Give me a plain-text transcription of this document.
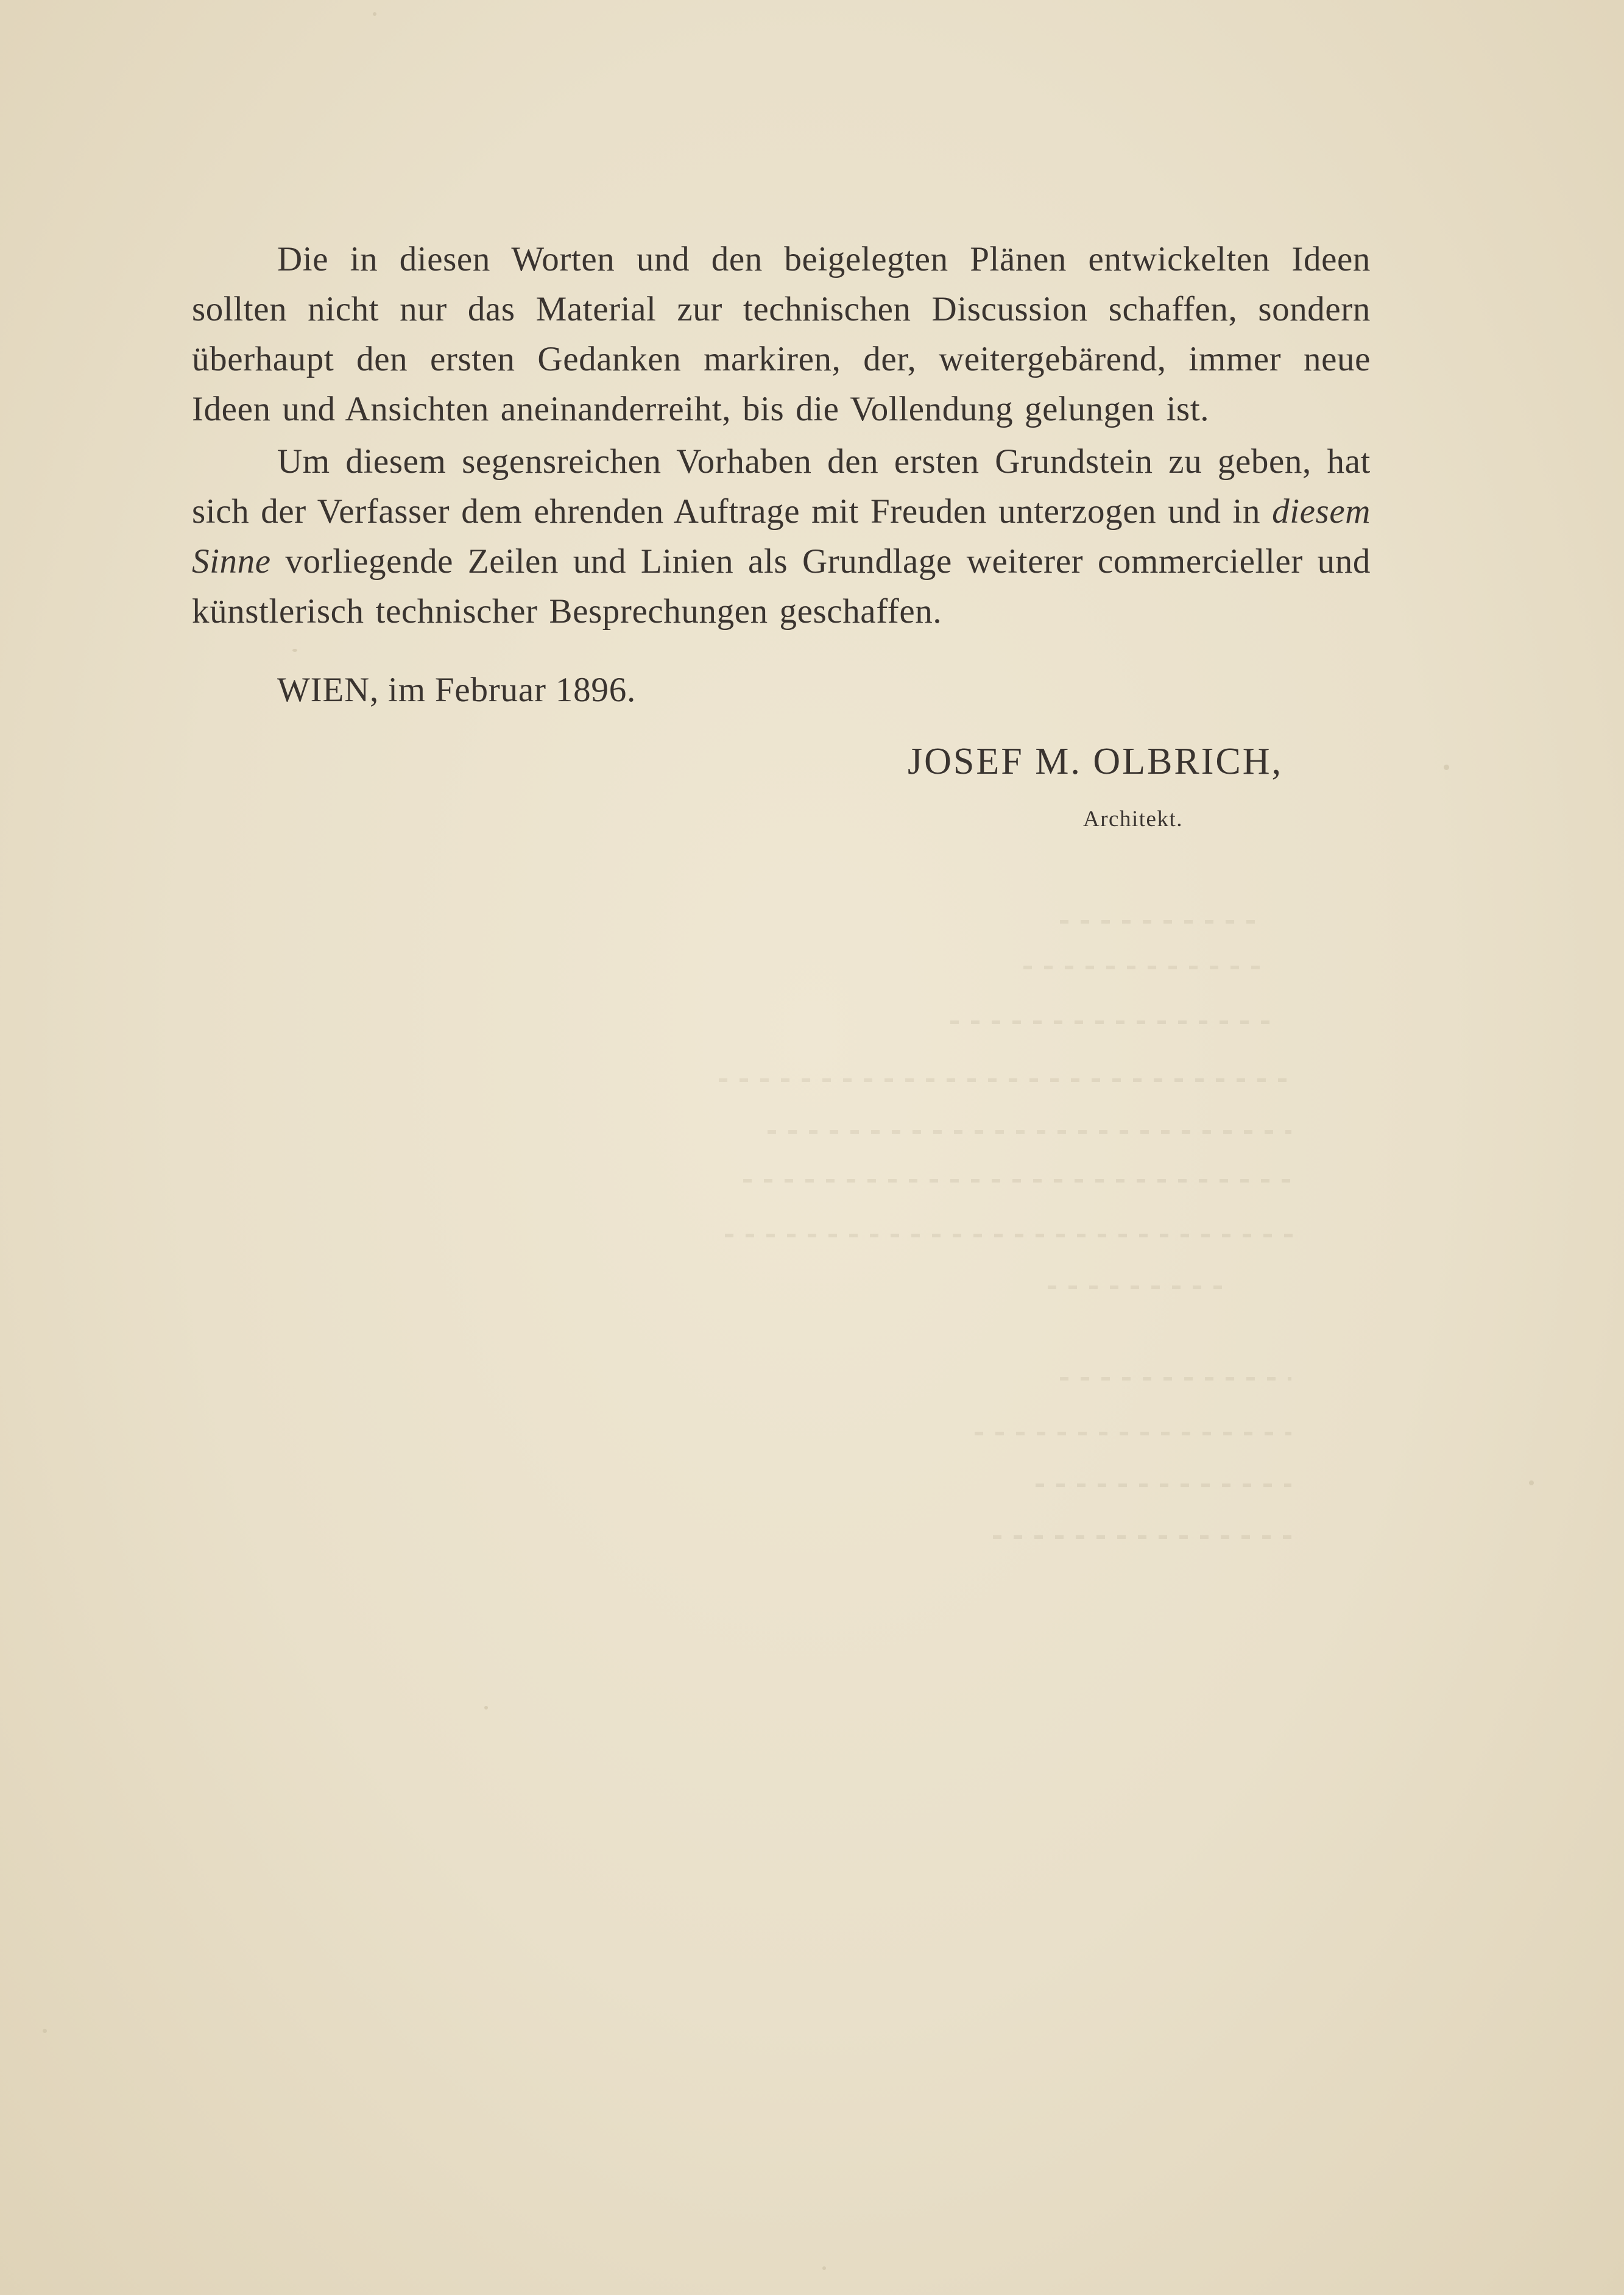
Die in diesen Worten und den beigelegten Plänen entwickelten Ideen sollten nicht nur das Material zur technischen Discussion schaffen, sondern überhaupt den ersten Gedanken markiren, der, weitergebärend, immer neue Ideen und Ansichten aneinanderreiht, bis die Vollendung gelungen ist.

Um diesem segensreichen Vorhaben den ersten Grundstein zu geben, hat sich der Verfasser dem ehrenden Auftrage mit Freuden unterzogen und in diesem Sinne vorliegende Zeilen und Linien als Grundlage weiterer commercieller und künstlerisch technischer Besprechungen geschaffen.

WIEN, im Februar 1896.

JOSEF M. OLBRICH,

Architekt.
